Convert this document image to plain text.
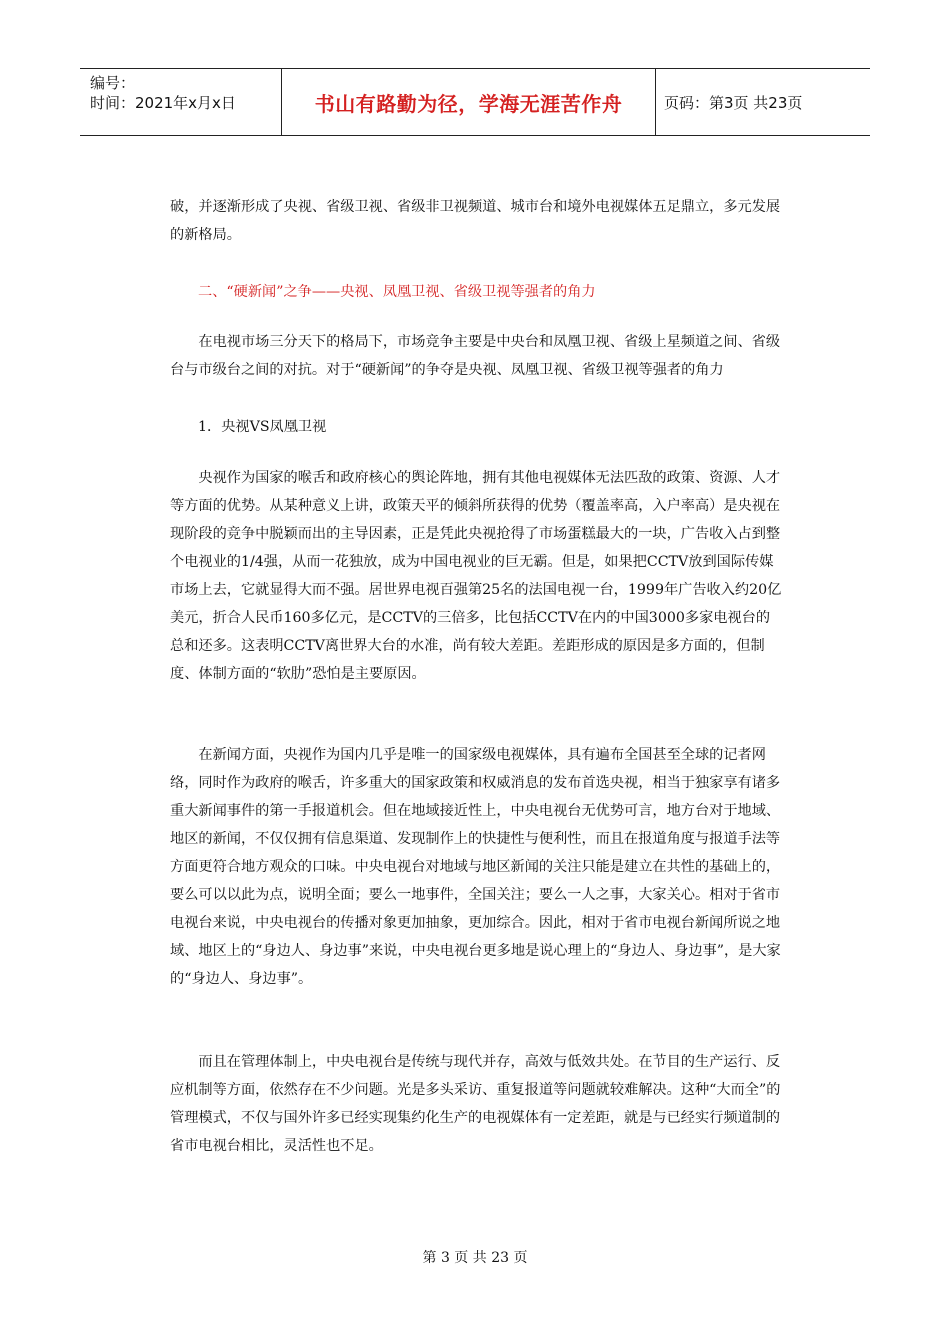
编号：
时间：2021年x月x日	书山有路勤为径，学海无涯苦作舟	页码：第3页 共23页

破，并逐渐形成了央视、省级卫视、省级非卫视频道、城市台和境外电视媒体五足鼎立，多元发展的新格局。

二、“硬新闻”之争——央视、凤凰卫视、省级卫视等强者的角力

在电视市场三分天下的格局下，市场竞争主要是中央台和凤凰卫视、省级上星频道之间、省级台与市级台之间的对抗。对于“硬新闻”的争夺是央视、凤凰卫视、省级卫视等强者的角力

1．央视VS凤凰卫视

央视作为国家的喉舌和政府核心的舆论阵地，拥有其他电视媒体无法匹敌的政策、资源、人才等方面的优势。从某种意义上讲，政策天平的倾斜所获得的优势（覆盖率高，入户率高）是央视在现阶段的竞争中脱颖而出的主导因素，正是凭此央视抢得了市场蛋糕最大的一块，广告收入占到整个电视业的1/4强，从而一花独放，成为中国电视业的巨无霸。但是，如果把CCTV放到国际传媒市场上去，它就显得大而不强。居世界电视百强第25名的法国电视一台，1999年广告收入约20亿美元，折合人民币160多亿元，是CCTV的三倍多，比包括CCTV在内的中国3000多家电视台的总和还多。这表明CCTV离世界大台的水准，尚有较大差距。差距形成的原因是多方面的，但制度、体制方面的“软肋”恐怕是主要原因。

在新闻方面，央视作为国内几乎是唯一的国家级电视媒体，具有遍布全国甚至全球的记者网络，同时作为政府的喉舌，许多重大的国家政策和权威消息的发布首选央视，相当于独家享有诸多重大新闻事件的第一手报道机会。但在地域接近性上，中央电视台无优势可言，地方台对于地域、地区的新闻，不仅仅拥有信息渠道、发现制作上的快捷性与便利性，而且在报道角度与报道手法等方面更符合地方观众的口味。中央电视台对地域与地区新闻的关注只能是建立在共性的基础上的，要么可以以此为点，说明全面；要么一地事件，全国关注；要么一人之事，大家关心。相对于省市电视台来说，中央电视台的传播对象更加抽象，更加综合。因此，相对于省市电视台新闻所说之地域、地区上的“身边人、身边事”来说，中央电视台更多地是说心理上的“身边人、身边事”，是大家的“身边人、身边事”。

而且在管理体制上，中央电视台是传统与现代并存，高效与低效共处。在节目的生产运行、反应机制等方面，依然存在不少问题。光是多头采访、重复报道等问题就较难解决。这种“大而全”的管理模式，不仅与国外许多已经实现集约化生产的电视媒体有一定差距，就是与已经实行频道制的省市电视台相比，灵活性也不足。

第 3 页 共 23 页
